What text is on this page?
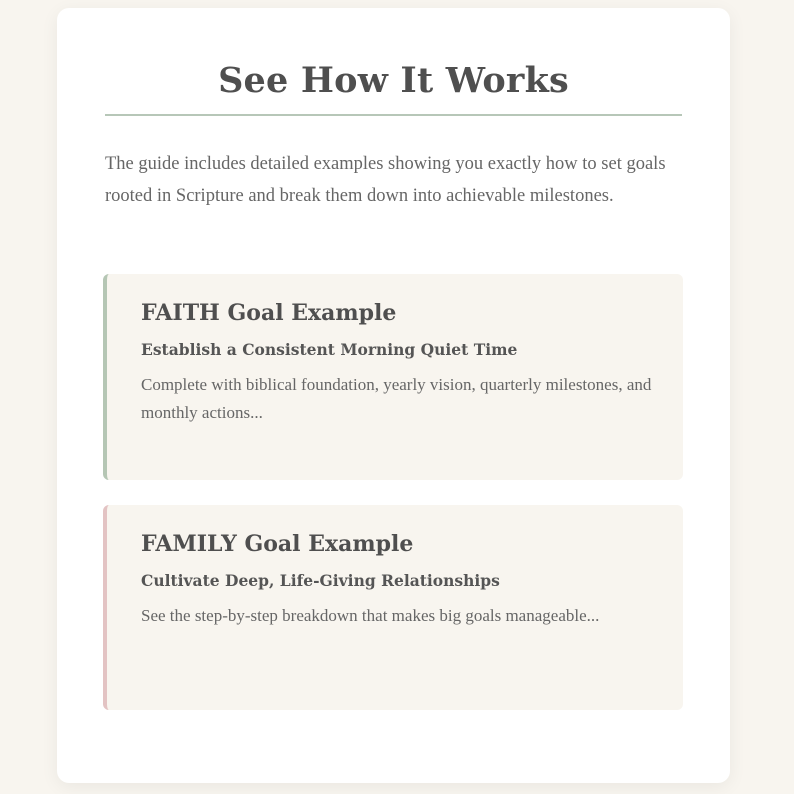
See How It Works

The guide includes detailed examples showing you exactly how to set goals rooted in Scripture and break them down into achievable milestones.

FAITH Goal Example

Establish a Consistent Morning Quiet Time

Complete with biblical foundation, yearly vision, quarterly milestones, and monthly actions...

FAMILY Goal Example

Cultivate Deep, Life-Giving Relationships

See the step-by-step breakdown that makes big goals manageable...
